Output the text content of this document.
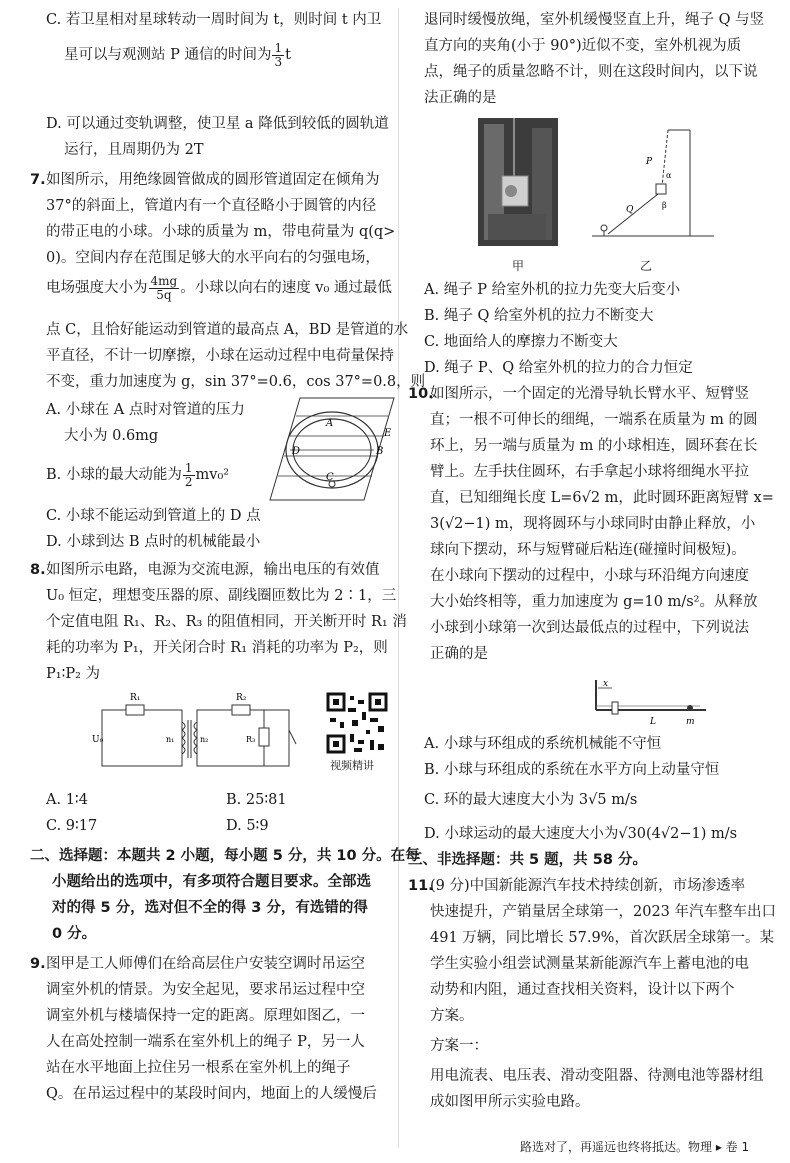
C. 若卫星相对星球转动一周时间为 t，则时间 t 内卫
星可以与观测站 P 通信的时间为 $\frac{1}{3}$ t
D. 可以通过变轨调整，使卫星 a 降低到较低的圆轨道
运行，且周期仍为 2T
7. 如图所示，用绝缘圆管做成的圆形管道固定在倾角为
37°的斜面上，管道内有一个直径略小于圆管的内径
的带正电的小球。小球的质量为 m，带电荷量为 q(q>
0)。空间内存在范围足够大的水平向右的匀强电场，
电场强度大小为 $\frac{4mg}{5q}$ 。小球以向右的速度 v₀ 通过最低
点 C，且恰好能运动到管道的最高点 A，BD 是管道的水
平直径，不计一切摩擦，小球在运动过程中电荷量保持
不变，重力加速度为 g，sin 37°=0.6，cos 37°=0.8，则
A. 小球在 A 点时对管道的压力
大小为 0.6mg
B. 小球的最大动能为 $\frac{1}{2} mv_0^2$
C. 小球不能运动到管道上的 D 点
D. 小球到达 B 点时的机械能最小
A
B
D
C
E
8. 如图所示电路，电源为交流电源，输出电压的有效值
U₀ 恒定，理想变压器的原、副线圈匝数比为 2∶1，三
个定值电阻 R₁、R₂、R₃ 的阻值相同，开关断开时 R₁ 消
耗的功率为 P₁，开关闭合时 R₁ 消耗的功率为 P₂，则
P₁∶P₂ 为
R₁
U₀	n₁	n₂
R₂
R₃
视频精讲
A. 1∶4	B. 25∶81
C. 9∶17	D. 5∶9
二、选择题：本题共 2 小题，每小题 5 分，共 10 分。在每
小题给出的选项中，有多项符合题目要求。全部选
对的得 5 分，选对但不全的得 3 分，有选错的得
0 分。
9. 图甲是工人师傅们在给高层住户安装空调时吊运空
调室外机的情景。为安全起见，要求吊运过程中空
调室外机与楼墙保持一定的距离。原理如图乙，一
人在高处控制一端系在室外机上的绳子 P，另一人
站在水平地面上拉住另一根系在室外机上的绳子
Q。在吊运过程中的某段时间内，地面上的人缓慢后
退同时缓慢放绳，室外机缓慢竖直上升，绳子 Q 与竖
直方向的夹角(小于 90°)近似不变，室外机视为质
点，绳子的质量忽略不计，则在这段时间内，以下说
法正确的是
甲
P
Q
α
β
乙
A. 绳子 P 给室外机的拉力先变大后变小
B. 绳子 Q 给室外机的拉力不断变大
C. 地面给人的摩擦力不断变大
D. 绳子 P、Q 给室外机的拉力的合力恒定
10.
如图所示，一个固定的光滑导轨长臂水平、短臂竖
直；一根不可伸长的细绳，一端系在质量为 m 的圆
环上，另一端与质量为 m 的小球相连，圆环套在长
臂上。左手扶住圆环，右手拿起小球将细绳水平拉
直，已知细绳长度 L=6√2 m，此时圆环距离短臂 x=
3(√2−1) m，现将圆环与小球同时由静止释放，小
球向下摆动，环与短臂碰后粘连(碰撞时间极短)。
在小球向下摆动的过程中，小球与环沿绳方向速度
大小始终相等，重力加速度为 g=10 m/s²。从释放
小球到小球第一次到达最低点的过程中，下列说法
正确的是
x
L	m
A. 小球与环组成的系统机械能不守恒
B. 小球与环组成的系统在水平方向上动量守恒
C. 环的最大速度大小为 3√5 m/s
D. 小球运动的最大速度大小为√30(4√2−1) m/s
三、非选择题：共 5 题，共 58 分。
11.
(9 分)中国新能源汽车技术持续创新，市场渗透率
快速提升，产销量居全球第一，2023 年汽车整车出口
491 万辆，同比增长 57.9%，首次跃居全球第一。某
学生实验小组尝试测量某新能源汽车上蓄电池的电
动势和内阻，通过查找相关资料，设计以下两个
方案。
方案一：
用电流表、电压表、滑动变阻器、待测电池等器材组
成如图甲所示实验电路。
路选对了，再遥远也终将抵达。物理 ▸ 卷 1
